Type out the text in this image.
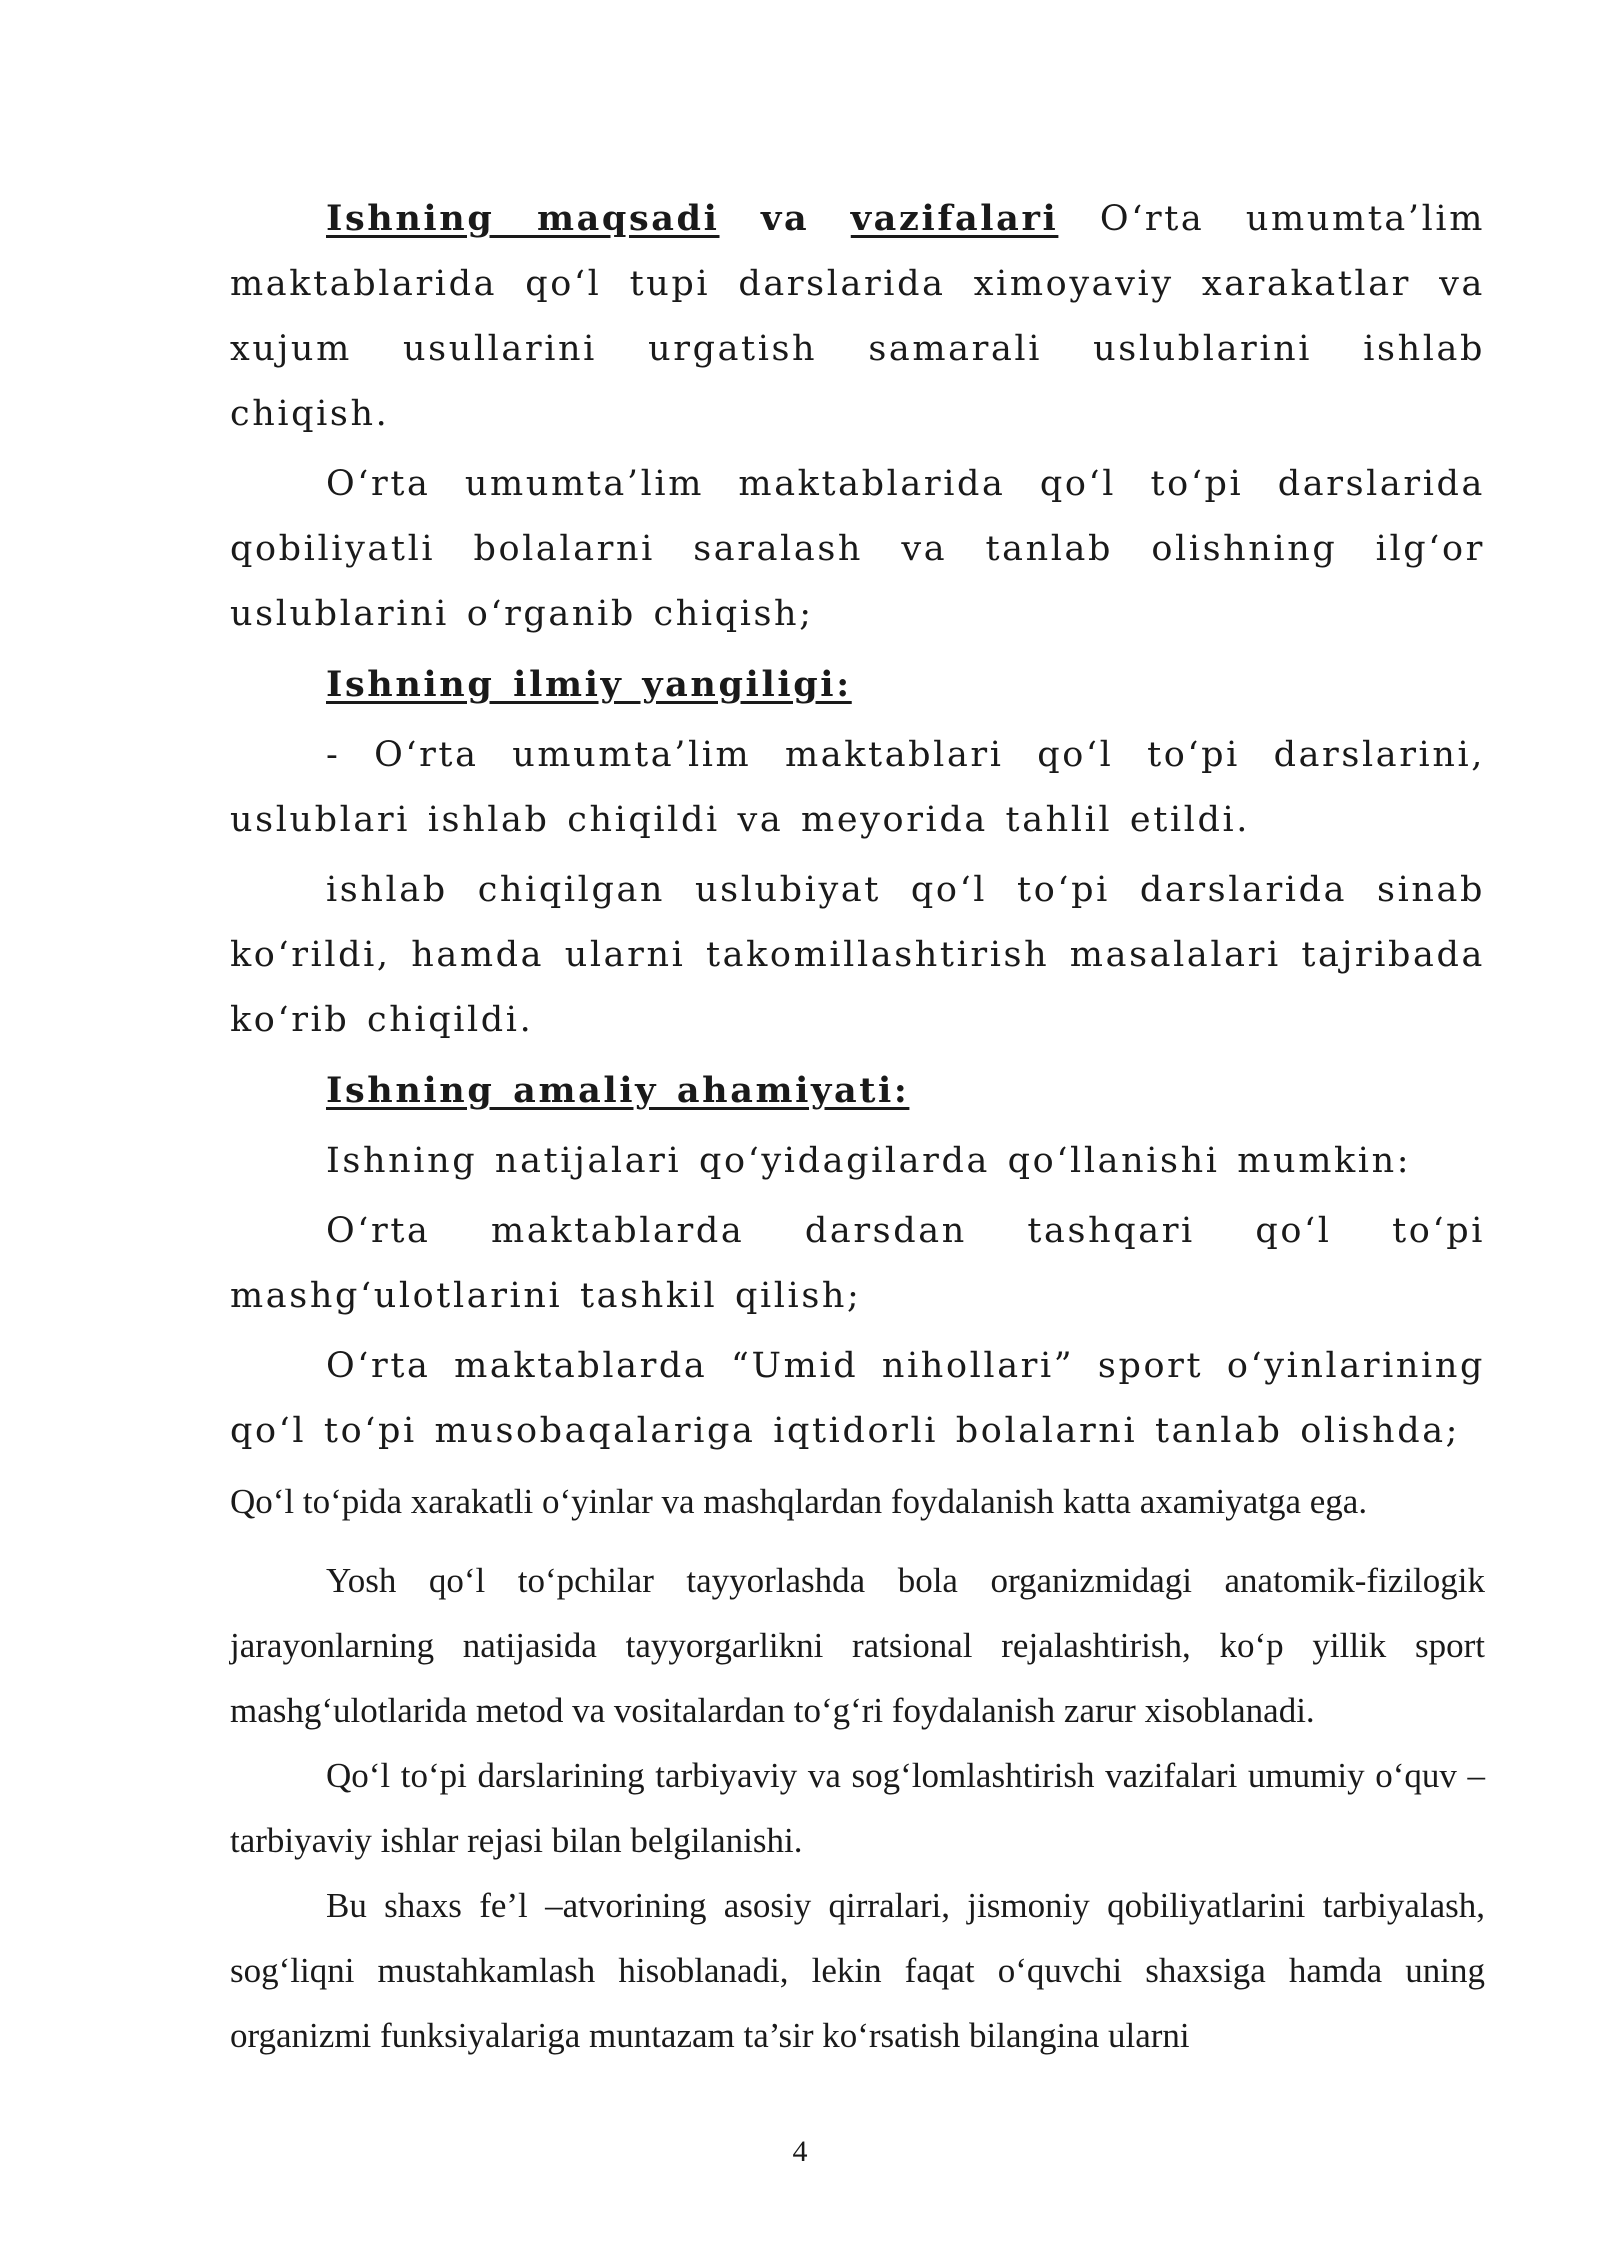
Ishning maqsadi va vazifalari O‘rta umumta’lim maktablarida qo‘l tupi darslarida ximoyaviy xarakatlar va xujum usullarini urgatish samarali uslublarini ishlab chiqish.

O‘rta umumta’lim maktablarida qo‘l to‘pi darslarida qobiliyatli bolalarni saralash va tanlab olishning ilg‘or uslublarini o‘rganib chiqish;

Ishning ilmiy yangiligi:

- O‘rta umumta’lim maktablari qo‘l to‘pi darslarini, uslublari ishlab chiqildi va meyorida tahlil etildi.

ishlab chiqilgan uslubiyat qo‘l to‘pi darslarida sinab ko‘rildi, hamda ularni takomillashtirish masalalari tajribada ko‘rib chiqildi.

Ishning amaliy ahamiyati:

Ishning natijalari qo‘yidagilarda qo‘llanishi mumkin:

O‘rta maktablarda darsdan tashqari qo‘l to‘pi mashg‘ulotlarini tashkil qilish;

O‘rta maktablarda “Umid nihollari” sport o‘yinlarining qo‘l to‘pi musobaqalariga iqtidorli bolalarni tanlab olishda;

Qo‘l to‘pida xarakatli o‘yinlar va mashqlardan foydalanish katta axamiyatga ega.

Yosh qo‘l to‘pchilar tayyorlashda bola organizmidagi anatomik-fizilogik jarayonlarning natijasida tayyorgarlikni ratsional rejalashtirish, ko‘p yillik sport mashg‘ulotlarida metod va vositalardan to‘g‘ri foydalanish zarur xisoblanadi.

Qo‘l to‘pi darslarining tarbiyaviy va sog‘lomlashtirish vazifalari umumiy o‘quv –tarbiyaviy ishlar rejasi bilan belgilanishi.

Bu shaxs fe’l –atvorining asosiy qirralari, jismoniy qobiliyatlarini tarbiyalash, sog‘liqni mustahkamlash hisoblanadi, lekin faqat o‘quvchi shaxsiga hamda uning organizmi funksiyalariga muntazam ta’sir ko‘rsatish bilangina ularni

4
